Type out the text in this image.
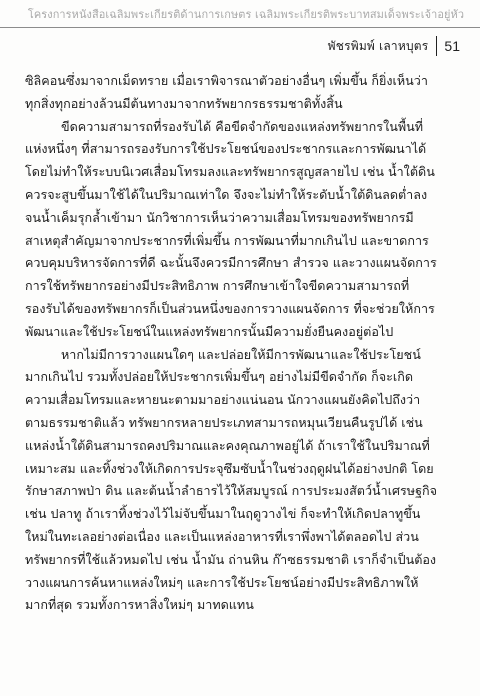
โครงการหนังสือเฉลิมพระเกียรติด้านการเกษตร เฉลิมพระเกียรติพระบาทสมเด็จพระเจ้าอยู่หัว
พัชรพิมพ์ เลาหบุตร 51

ซิลิคอนซึ่งมาจากเม็ดทราย เมื่อเราพิจารณาตัวอย่างอื่นๆ เพิ่มขึ้น ก็ยิ่งเห็นว่า
ทุกสิ่งทุกอย่างล้วนมีต้นทางมาจากทรัพยากรธรรมชาติทั้งสิ้น

ขีดความสามารถที่รองรับได้ คือขีดจำกัดของแหล่งทรัพยากรในพื้นที่
แห่งหนึ่งๆ ที่สามารถรองรับการใช้ประโยชน์ของประชากรและการพัฒนาได้
โดยไม่ทำให้ระบบนิเวศเสื่อมโทรมลงและทรัพยากรสูญสลายไป เช่น น้ำใต้ดิน
ควรจะสูบขึ้นมาใช้ได้ในปริมาณเท่าใด จึงจะไม่ทำให้ระดับน้ำใต้ดินลดต่ำลง
จนน้ำเค็มรุกล้ำเข้ามา นักวิชาการเห็นว่าความเสื่อมโทรมของทรัพยากรมี
สาเหตุสำคัญมาจากประชากรที่เพิ่มขึ้น การพัฒนาที่มากเกินไป และขาดการ
ควบคุมบริหารจัดการที่ดี ฉะนั้นจึงควรมีการศึกษา สำรวจ และวางแผนจัดการ
การใช้ทรัพยากรอย่างมีประสิทธิภาพ การศึกษาเข้าใจขีดความสามารถที่
รองรับได้ของทรัพยากรก็เป็นส่วนหนึ่งของการวางแผนจัดการ ที่จะช่วยให้การ
พัฒนาและใช้ประโยชน์ในแหล่งทรัพยากรนั้นมีความยั่งยืนคงอยู่ต่อไป

หากไม่มีการวางแผนใดๆ และปล่อยให้มีการพัฒนาและใช้ประโยชน์
มากเกินไป รวมทั้งปล่อยให้ประชากรเพิ่มขึ้นๆ อย่างไม่มีขีดจำกัด ก็จะเกิด
ความเสื่อมโทรมและหายนะตามมาอย่างแน่นอน นักวางแผนยังคิดไปถึงว่า
ตามธรรมชาติแล้ว ทรัพยากรหลายประเภทสามารถหมุนเวียนคืนรูปได้ เช่น
แหล่งน้ำใต้ดินสามารถคงปริมาณและคงคุณภาพอยู่ได้ ถ้าเราใช้ในปริมาณที่
เหมาะสม และทิ้งช่วงให้เกิดการประจุซึมซับน้ำในช่วงฤดูฝนได้อย่างปกติ โดย
รักษาสภาพป่า ดิน และต้นน้ำลำธารไว้ให้สมบูรณ์ การประมงสัตว์น้ำเศรษฐกิจ
เช่น ปลาทู ถ้าเราทิ้งช่วงไว้ไม่จับขึ้นมาในฤดูวางไข่ ก็จะทำให้เกิดปลาทูขึ้น
ใหม่ในทะเลอย่างต่อเนื่อง และเป็นแหล่งอาหารที่เราพึ่งพาได้ตลอดไป ส่วน
ทรัพยากรที่ใช้แล้วหมดไป เช่น น้ำมัน ถ่านหิน ก๊าซธรรมชาติ เราก็จำเป็นต้อง
วางแผนการค้นหาแหล่งใหม่ๆ และการใช้ประโยชน์อย่างมีประสิทธิภาพให้
มากที่สุด รวมทั้งการหาสิ่งใหม่ๆ มาทดแทน
